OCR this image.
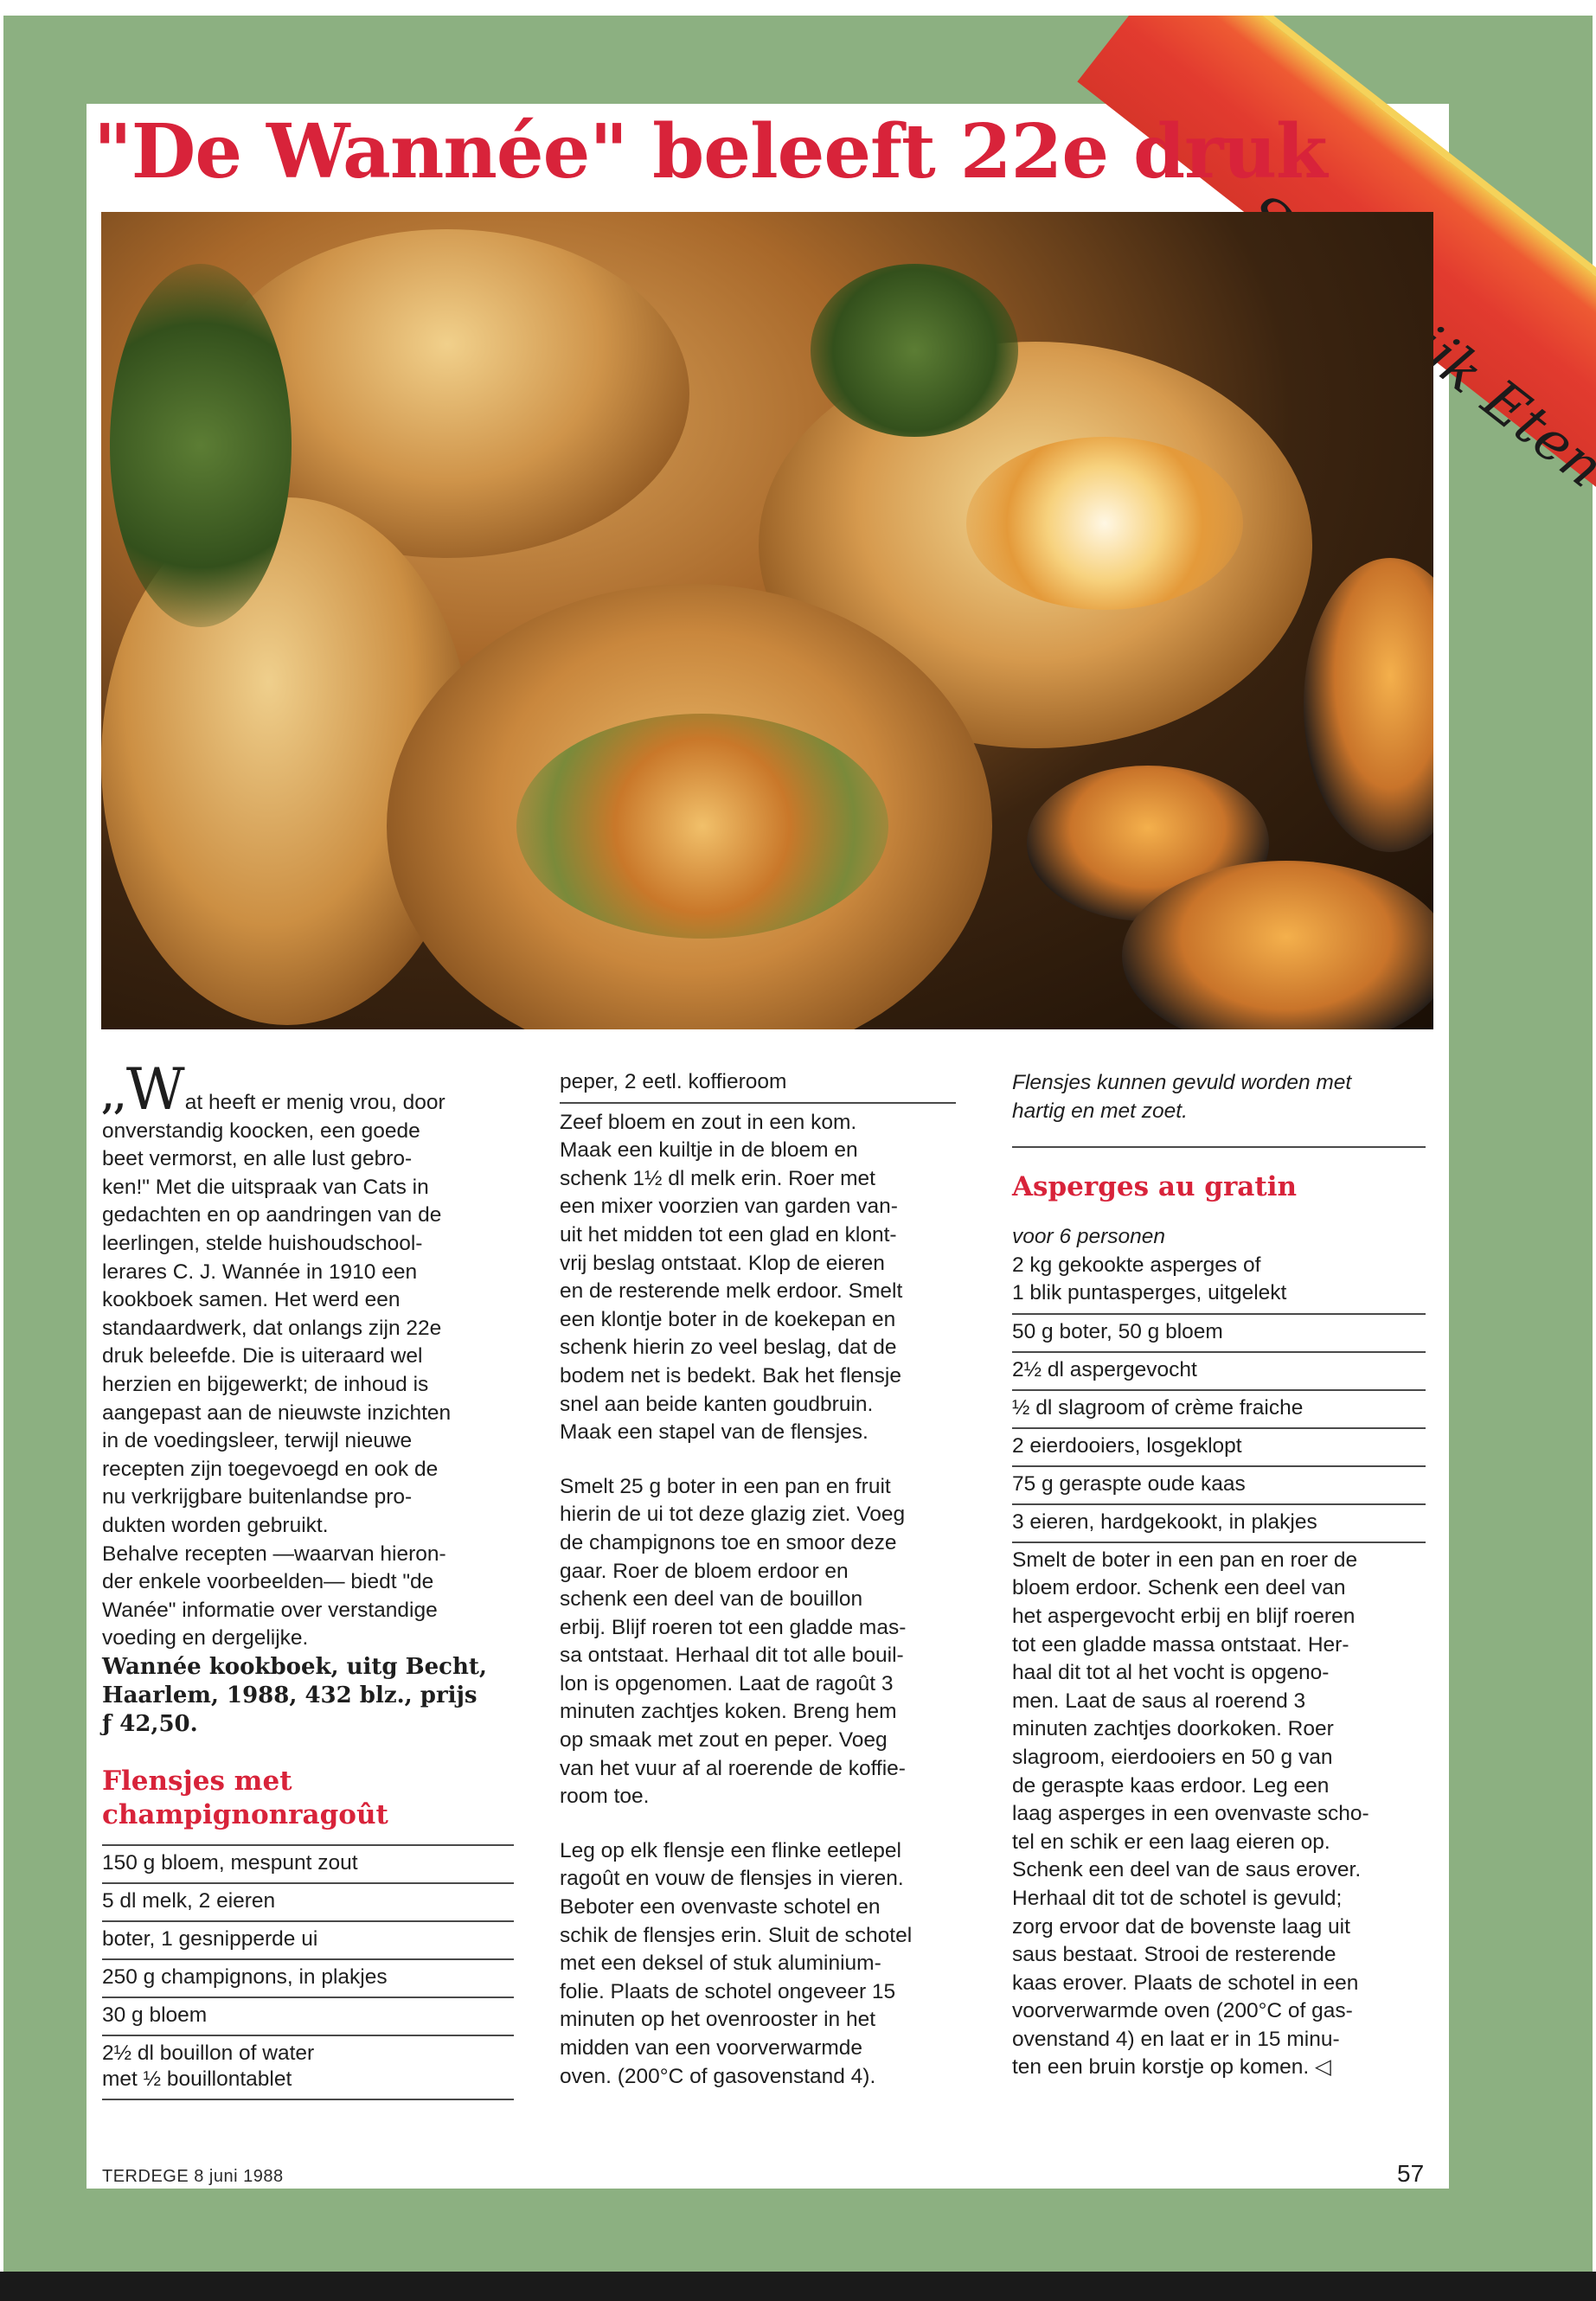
"De Wannée" beleeft 22e druk
,,Wat heeft er menig vrou, door
onverstandig koocken, een goede
beet vermorst, en alle lust gebro-
ken!" Met die uitspraak van Cats in
gedachten en op aandringen van de
leerlingen, stelde huishoudschool-
lerares C. J. Wannée in 1910 een
kookboek samen. Het werd een
standaardwerk, dat onlangs zijn 22e
druk beleefde. Die is uiteraard wel
herzien en bijgewerkt; de inhoud is
aangepast aan de nieuwste inzichten
in de voedingsleer, terwijl nieuwe
recepten zijn toegevoegd en ook de
nu verkrijgbare buitenlandse pro-
dukten worden gebruikt.
Behalve recepten —waarvan hieron-
der enkele voorbeelden— biedt "de
Wanée" informatie over verstandige
voeding en dergelijke.
Wannée kookboek, uitg Becht,
Haarlem, 1988, 432 blz., prijs
ƒ 42,50.
Flensjes met
champignonragoût
150 g bloem, mespunt zout
5 dl melk, 2 eieren
boter, 1 gesnipperde ui
250 g champignons, in plakjes
30 g bloem
2½ dl bouillon of water
met ½ bouillontablet
peper, 2 eetl. koffieroom
Zeef bloem en zout in een kom.
Maak een kuiltje in de bloem en
schenk 1½ dl melk erin. Roer met
een mixer voorzien van garden van-
uit het midden tot een glad en klont-
vrij beslag ontstaat. Klop de eieren
en de resterende melk erdoor. Smelt
een klontje boter in de koekepan en
schenk hierin zo veel beslag, dat de
bodem net is bedekt. Bak het flensje
snel aan beide kanten goudbruin.
Maak een stapel van de flensjes.
Smelt 25 g boter in een pan en fruit
hierin de ui tot deze glazig ziet. Voeg
de champignons toe en smoor deze
gaar. Roer de bloem erdoor en
schenk een deel van de bouillon
erbij. Blijf roeren tot een gladde mas-
sa ontstaat. Herhaal dit tot alle bouil-
lon is opgenomen. Laat de ragoût 3
minuten zachtjes koken. Breng hem
op smaak met zout en peper. Voeg
van het vuur af al roerende de koffie-
room toe.
Leg op elk flensje een flinke eetlepel
ragoût en vouw de flensjes in vieren.
Beboter een ovenvaste schotel en
schik de flensjes erin. Sluit de schotel
met een deksel of stuk aluminium-
folie. Plaats de schotel ongeveer 15
minuten op het ovenrooster in het
midden van een voorverwarmde
oven. (200°C of gasovenstand 4).
Flensjes kunnen gevuld worden met
hartig en met zoet.
Asperges au gratin
voor 6 personen
2 kg gekookte asperges of
1 blik puntasperges, uitgelekt
50 g boter, 50 g bloem
2½ dl aspergevocht
½ dl slagroom of crème fraiche
2 eierdooiers, losgeklopt
75 g geraspte oude kaas
3 eieren, hardgekookt, in plakjes
Smelt de boter in een pan en roer de
bloem erdoor. Schenk een deel van
het aspergevocht erbij en blijf roeren
tot een gladde massa ontstaat. Her-
haal dit tot al het vocht is opgeno-
men. Laat de saus al roerend 3
minuten zachtjes doorkoken. Roer
slagroom, eierdooiers en 50 g van
de geraspte kaas erdoor. Leg een
laag asperges in een ovenvaste scho-
tel en schik er een laag eieren op.
Schenk een deel van de saus erover.
Herhaal dit tot de schotel is gevuld;
zorg ervoor dat de bovenste laag uit
saus bestaat. Strooi de resterende
kaas erover. Plaats de schotel in een
voorverwarmde oven (200°C of gas-
ovenstand 4) en laat er in 15 minu-
ten een bruin korstje op komen. ◁
TERDEGE 8 juni 1988	57
